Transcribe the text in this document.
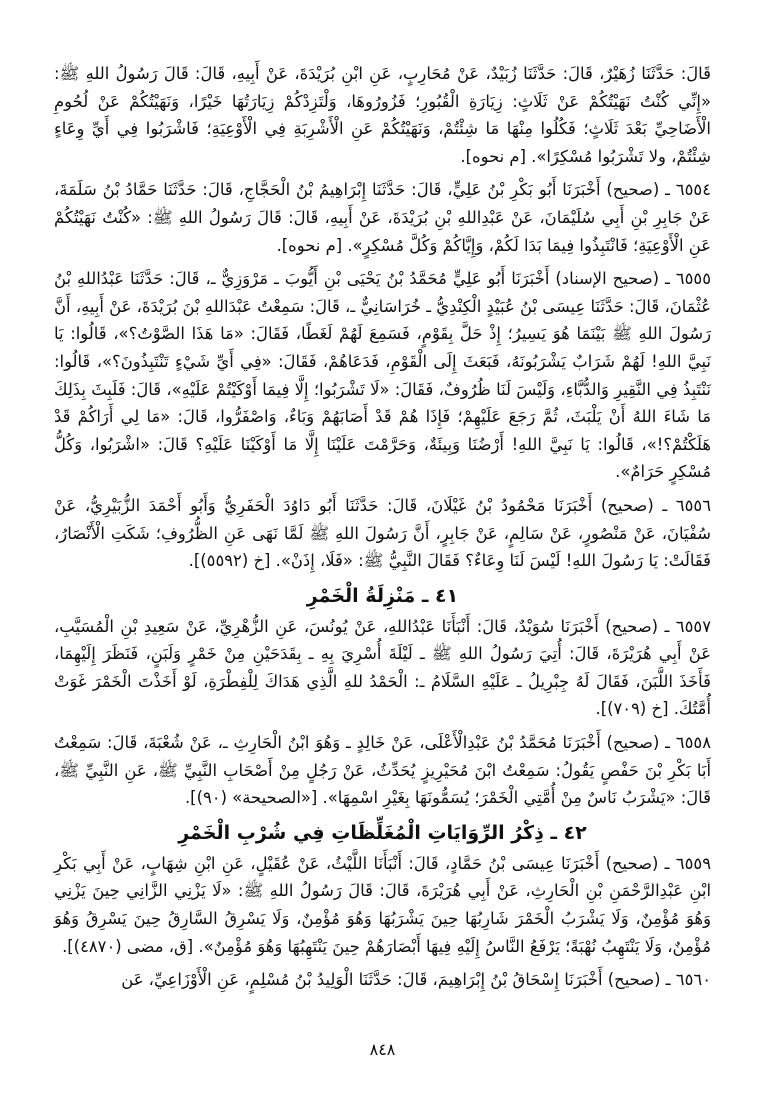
قَالَ: حَدَّثَنَا زُهَيْرٌ، قَالَ: حَدَّثَنَا زُبَيْدٌ، عَنْ مُحَارِبٍ، عَنِ ابْنِ بُرَيْدَةَ، عَنْ أَبِيهِ، قَالَ: قَالَ رَسُولُ اللهِ ﷺ: «إِنِّي كُنْتُ نَهَيْتُكُمْ عَنْ ثَلَاثٍ: زِيَارَةِ الْقُبُورِ؛ فَزُورُوهَا، وَلْتَزِدْكُمْ زِيَارَتُهَا خَيْرًا، وَنَهَيْتُكُمْ عَنْ لُحُومِ الْأَضَاحِيِّ بَعْدَ ثَلَاثٍ؛ فَكُلُوا مِنْهَا مَا شِئْتُمْ، وَنَهَيْتُكُمْ عَنِ الْأَشْرِبَةِ فِي الْأَوْعِيَةِ؛ فَاشْرَبُوا فِي أَيِّ وِعَاءٍ شِئْتُمْ، ولا تَشْرَبُوا مُسْكِرًا». [م نحوه].

٦٥٥٤ ـ (صحيح) أَخْبَرَنَا أَبُو بَكْرِ بْنُ عَلِيٍّ، قَالَ: حَدَّثَنَا إِبْرَاهِيمُ بْنُ الْحَجَّاجِ، قَالَ: حَدَّثَنَا حَمَّادُ بْنُ سَلَمَةَ، عَنْ جَابِرِ بْنِ أَبِي سُلَيْمَانَ، عَنْ عَبْدِاللهِ بْنِ بُرَيْدَةَ، عَنْ أَبِيهِ، قَالَ: قَالَ رَسُولُ اللهِ ﷺ: «كُنْتُ نَهَيْتُكُمْ عَنِ الْأَوْعِيَةِ؛ فَانْتَبِذُوا فِيمَا بَدَا لَكُمْ، وَإِيَّاكُمْ وَكُلَّ مُسْكِرٍ». [م نحوه].

٦٥٥٥ ـ (صحيح الإسناد) أَخْبَرَنَا أَبُو عَلِيٍّ مُحَمَّدُ بْنُ يَحْيَى بْنِ أَيُّوبَ ـ مَرْوَزِيٌّ ـ، قَالَ: حَدَّثَنَا عَبْدُاللهِ بْنُ عُثْمَانَ، قَالَ: حَدَّثَنَا عِيسَى بْنُ عُبَيْدٍ الْكِنْدِيُّ ـ خُرَاسَانِيٌّ ـ، قَالَ: سَمِعْتُ عَبْدَاللهِ بْنَ بُرَيْدَةَ، عَنْ أَبِيهِ، أَنَّ رَسُولَ اللهِ ﷺ بَيْنَمَا هُوَ يَسِيرُ؛ إِذْ حَلَّ بِقَوْمٍ، فَسَمِعَ لَهُمْ لَغَطًا، فَقَالَ: «مَا هَذَا الصَّوْتُ؟»، قَالُوا: يَا نَبِيَّ اللهِ! لَهُمْ شَرَابٌ يَشْرَبُونَهُ، فَبَعَثَ إِلَى الْقَوْمِ، فَدَعَاهُمْ، فَقَالَ: «فِي أَيِّ شَيْءٍ تَنْتَبِذُونَ؟»، قَالُوا: نَنْتَبِذُ فِي النَّقِيرِ وَالدُّبَّاءِ، وَلَيْسَ لَنَا ظُرُوفٌ، فَقَالَ: «لَا تَشْرَبُوا؛ إِلَّا فِيمَا أَوْكَيْتُمْ عَلَيْهِ»، قَالَ: فَلَبِثَ بِذَلِكَ مَا شَاءَ اللهُ أَنْ يَلْبَثَ، ثُمَّ رَجَعَ عَلَيْهِمْ؛ فَإِذَا هُمْ قَدْ أَصَابَهُمْ وَبَاءٌ، وَاصْفَرُّوا، قَالَ: «مَا لِي أَرَاكُمْ قَدْ هَلَكْتُمْ؟!»، قَالُوا: يَا نَبِيَّ اللهِ! أَرْضُنَا وَبِيئَةٌ، وَحَرَّمْتَ عَلَيْنَا إِلَّا مَا أَوْكَيْنَا عَلَيْهِ؟ قَالَ: «اشْرَبُوا، وَكُلُّ مُسْكِرٍ حَرَامٌ».

٦٥٥٦ ـ (صحيح) أَخْبَرَنَا مَحْمُودُ بْنُ غَيْلَانَ، قَالَ: حَدَّثَنَا أَبُو دَاوُدَ الْحَفَرِيُّ وَأَبُو أَحْمَدَ الزُّبَيْرِيُّ، عَنْ سُفْيَانَ، عَنْ مَنْصُورٍ، عَنْ سَالِمٍ، عَنْ جَابِرٍ، أَنَّ رَسُولَ اللهِ ﷺ لَمَّا نَهَى عَنِ الظُّرُوفِ؛ شَكَتِ الْأَنْصَارُ، فَقَالَتْ: يَا رَسُولَ اللهِ! لَيْسَ لَنَا وِعَاءٌ؟ فَقَالَ النَّبِيُّ ﷺ: «فَلَا، إِذَنْ». [خ (٥٥٩٢)].

٤١ ـ مَنْزِلَةُ الْخَمْرِ

٦٥٥٧ ـ (صحيح) أَخْبَرَنَا سُوَيْدٌ، قَالَ: أَنْبَأَنَا عَبْدُاللهِ، عَنْ يُونُسَ، عَنِ الزُّهْرِيِّ، عَنْ سَعِيدِ بْنِ الْمُسَيَّبِ، عَنْ أَبِي هُرَيْرَةَ، قَالَ: أُتِيَ رَسُولُ اللهِ ﷺ ـ لَيْلَةَ أُسْرِيَ بِهِ ـ بِقَدَحَيْنِ مِنْ خَمْرٍ وَلَبَنٍ، فَنَظَرَ إِلَيْهِمَا، فَأَخَذَ اللَّبَنَ، فَقَالَ لَهُ جِبْرِيلُ ـ عَلَيْهِ السَّلَامُ ـ: الْحَمْدُ للهِ الَّذِي هَدَاكَ لِلْفِطْرَةِ، لَوْ أَخَذْتَ الْخَمْرَ غَوَتْ أُمَّتُكَ. [خ (٧٠٩)].

٦٥٥٨ ـ (صحيح) أَخْبَرَنَا مُحَمَّدُ بْنُ عَبْدِالْأَعْلَى، عَنْ خَالِدٍ ـ وَهُوَ ابْنُ الْحَارِثِ ـ، عَنْ شُعْبَةَ، قَالَ: سَمِعْتُ أَبَا بَكْرِ بْنَ حَفْصٍ يَقُولُ: سَمِعْتُ ابْنَ مُحَيْرِيزٍ يُحَدِّثُ، عَنْ رَجُلٍ مِنْ أَصْحَابِ النَّبِيِّ ﷺ، عَنِ النَّبِيِّ ﷺ، قَالَ: «يَشْرَبُ نَاسٌ مِنْ أُمَّتِي الْخَمْرَ؛ يُسَمُّونَهَا بِغَيْرِ اسْمِهَا». [«الصحيحة» (٩٠)].

٤٢ ـ ذِكْرُ الرِّوَايَاتِ الْمُغَلِّظَاتِ فِي شُرْبِ الْخَمْرِ

٦٥٥٩ ـ (صحيح) أَخْبَرَنَا عِيسَى بْنُ حَمَّادٍ، قَالَ: أَنْبَأَنَا اللَّيْثُ، عَنْ عُقَيْلٍ، عَنِ ابْنِ شِهَابٍ، عَنْ أَبِي بَكْرِ ابْنِ عَبْدِالرَّحْمَنِ بْنِ الْحَارِثِ، عَنْ أَبِي هُرَيْرَةَ، قَالَ: قَالَ رَسُولُ اللهِ ﷺ: «لَا يَزْنِي الزَّانِي حِينَ يَزْنِي وَهُوَ مُؤْمِنٌ، وَلَا يَشْرَبُ الْخَمْرَ شَارِبُهَا حِينَ يَشْرَبُهَا وَهُوَ مُؤْمِنٌ، وَلَا يَسْرِقُ السَّارِقُ حِينَ يَسْرِقُ وَهُوَ مُؤْمِنٌ، وَلَا يَنْتَهِبُ نُهْبَةً؛ يَرْفَعُ النَّاسُ إِلَيْهِ فِيهَا أَبْصَارَهُمْ حِينَ يَنْتَهِبُهَا وَهُوَ مُؤْمِنٌ». [ق، مضى (٤٨٧٠)].

٦٥٦٠ ـ (صحيح) أَخْبَرَنَا إِسْحَاقُ بْنُ إِبْرَاهِيمَ، قَالَ: حَدَّثَنَا الْوَلِيدُ بْنُ مُسْلِمٍ، عَنِ الْأَوْزَاعِيِّ، عَن

٨٤٨
